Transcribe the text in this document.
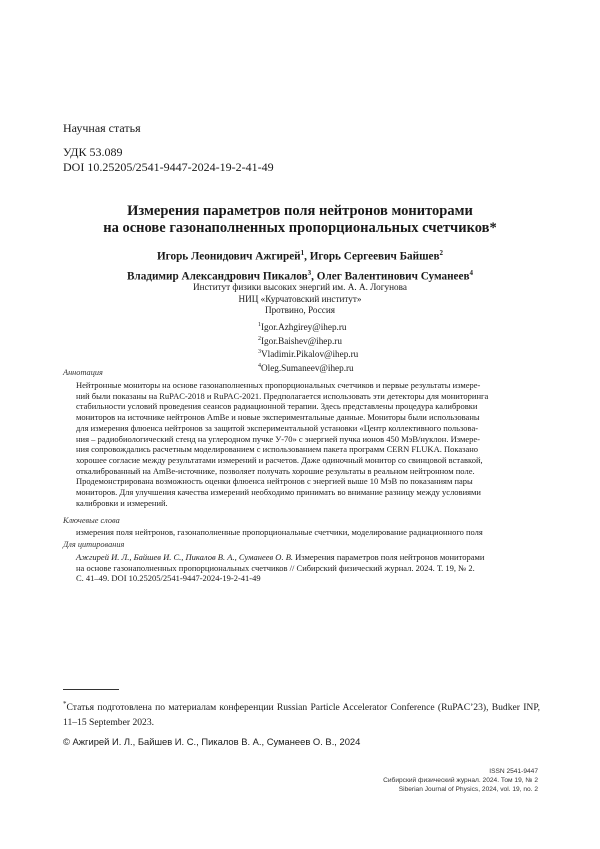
Научная статья
УДК 53.089
DOI 10.25205/2541-9447-2024-19-2-41-49
Измерения параметров поля нейтронов мониторами
на основе газонаполненных пропорциональных счетчиков*
Игорь Леонидович Ажгирей$^1$, Игорь Сергеевич Байшев$^2$
Владимир Александрович Пикалов$^3$, Олег Валентинович Суманеев$^4$
Институт физики высоких энергий им. А. А. Логунова
НИЦ «Курчатовский институт»
Протвино, Россия
$^1$Igor.Azhgirey@ihep.ru
$^2$Igor.Baishev@ihep.ru
$^3$Vladimir.Pikalov@ihep.ru
$^4$Oleg.Sumaneev@ihep.ru
Аннотация
Нейтронные мониторы на основе газонаполненных пропорциональных счетчиков и первые результаты измере-
ний были показаны на RuPAC-2018 и RuPAC-2021. Предполагается использовать эти детекторы для мониторинга
стабильности условий проведения сеансов радиационной терапии. Здесь представлены процедура калибровки
мониторов на источнике нейтронов AmBe и новые экспериментальные данные. Мониторы были использованы
для измерения флюенса нейтронов за защитой экспериментальной установки «Центр коллективного пользова-
ния – радиобиологический стенд на углеродном пучке У-70» с энергией пучка ионов 450 МэВ/нуклон. Измере-
ния сопровождались расчетным моделированием с использованием пакета программ CERN FLUKA. Показано
хорошее согласие между результатами измерений и расчетов. Даже одиночный монитор со свинцовой вставкой,
откалиброванный на AmBe-источнике, позволяет получать хорошие результаты в реальном нейтронном поле.
Продемонстрирована возможность оценки флюенса нейтронов с энергией выше 10 МэВ по показаниям пары
мониторов. Для улучшения качества измерений необходимо принимать во внимание разницу между условиями
калибровки и измерений.
Ключевые слова
измерения поля нейтронов, газонаполненные пропорциональные счетчики, моделирование радиационного поля
Для цитирования
Ажгирей И. Л., Байшев И. С., Пикалов В. А., Суманеев О. В. Измерения параметров поля нейтронов мониторами
на основе газонаполненных пропорциональных счетчиков // Сибирский физический журнал. 2024. Т. 19, № 2.
С. 41–49. DOI 10.25205/2541-9447-2024-19-2-41-49
*Статья подготовлена по материалам конференции Russian Particle Accelerator Conference (RuPAC’23), Budker INP, 11–15 September 2023.
© Ажгирей И. Л., Байшев И. С., Пикалов В. А., Суманеев О. В., 2024
ISSN 2541-9447
Сибирский физический журнал. 2024. Том 19, № 2
Siberian Journal of Physics, 2024, vol. 19, no. 2
